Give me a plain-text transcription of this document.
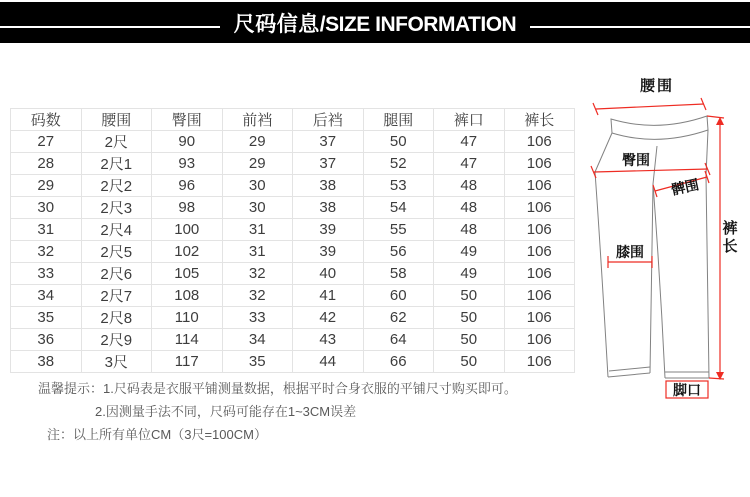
尺码信息/SIZE INFORMATION
码数	腰围	臀围	前裆	后裆	腿围	裤口	裤长
27	2尺	90	29	37	50	47	106
28	2尺1	93	29	37	52	47	106
29	2尺2	96	30	38	53	48	106
30	2尺3	98	30	38	54	48	106
31	2尺4	100	31	39	55	48	106
32	2尺5	102	31	39	56	49	106
33	2尺6	105	32	40	58	49	106
34	2尺7	108	32	41	60	50	106
35	2尺8	110	33	42	62	50	106
36	2尺9	114	34	43	64	50	106
38	3尺	117	35	44	66	50	106
温馨提示：1.尺码表是衣服平铺测量数据，根据平时合身衣服的平铺尺寸购买即可。
2.因测量手法不同，尺码可能存在1~3CM误差
注：以上所有单位CM（3尺=100CM）
腰围
臀围
髀围
膝围
脚口
裤长
